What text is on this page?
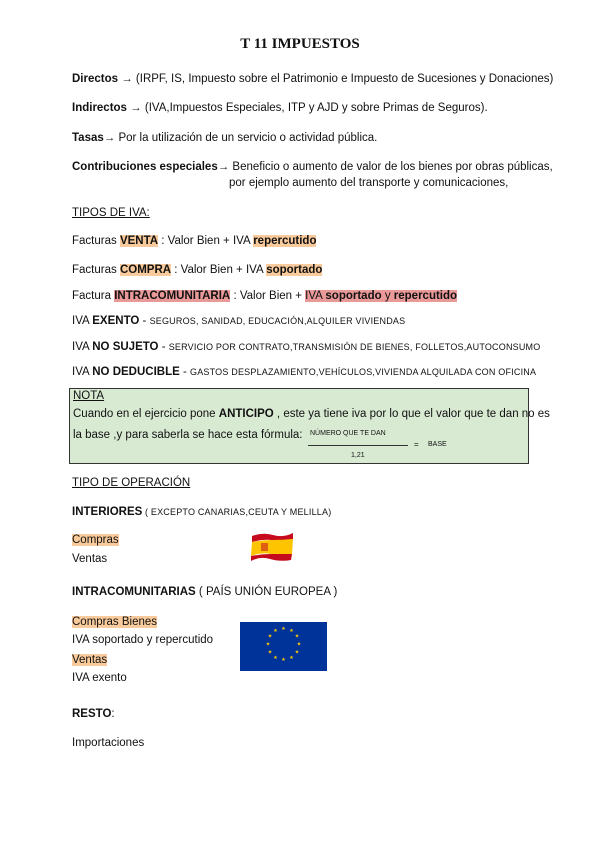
T 11 IMPUESTOS
Directos → (IRPF, IS, Impuesto sobre el Patrimonio e Impuesto de Sucesiones y Donaciones)
Indirectos → (IVA,Impuestos Especiales, ITP y AJD y sobre Primas de Seguros).
Tasas→ Por la utilización de un servicio o actividad pública.
Contribuciones especiales→ Beneficio o aumento de valor de los bienes por obras públicas,
por ejemplo aumento del transporte y comunicaciones,
TIPOS DE IVA:
Facturas VENTA : Valor Bien + IVA repercutido
Facturas COMPRA : Valor Bien + IVA soportado
Factura INTRACOMUNITARIA : Valor Bien + IVA soportado y repercutido
IVA EXENTO - SEGUROS, SANIDAD, EDUCACIÓN,ALQUILER VIVIENDAS
IVA NO SUJETO - SERVICIO POR CONTRATO,TRANSMISIÓN DE BIENES, FOLLETOS,AUTOCONSUMO
IVA NO DEDUCIBLE - GASTOS DESPLAZAMIENTO,VEHÍCULOS,VIVIENDA ALQUILADA CON OFICINA
NOTA
Cuando en el ejercicio pone ANTICIPO , este ya tiene iva por lo que el valor que te dan no es
la base ,y para saberla se hace esta fórmula: NÚMERO QUE TE DAN
1,21
= BASE
TIPO DE OPERACIÓN
INTERIORES ( EXCEPTO CANARIAS,CEUTA Y MELILLA)
Compras
Ventas
INTRACOMUNITARIAS ( PAÍS UNIÓN EUROPEA )
Compras Bienes
IVA soportado y repercutido
Ventas
IVA exento
★ ★
★
★
★
★
★
★
★
★
★
★
RESTO:
Importaciones
